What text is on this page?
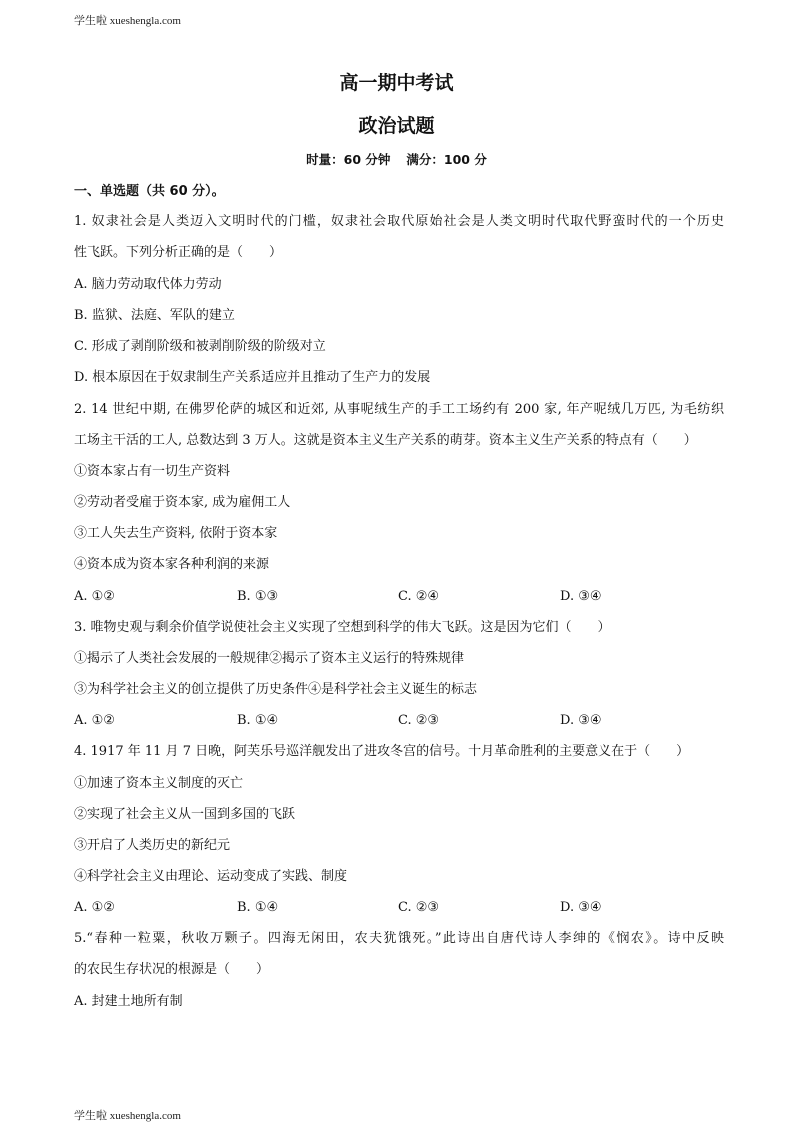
学生啦 xueshengla.com
高一期中考试
政治试题
时量：60 分钟 满分：100 分
一、单选题（共 60 分）。
1. 奴隶社会是人类迈入文明时代的门槛，奴隶社会取代原始社会是人类文明时代取代野蛮时代的一个历史
性飞跃。下列分析正确的是（　　）
A. 脑力劳动取代体力劳动
B. 监狱、法庭、军队的建立
C. 形成了剥削阶级和被剥削阶级的阶级对立
D. 根本原因在于奴隶制生产关系适应并且推动了生产力的发展
2. 14 世纪中期, 在佛罗伦萨的城区和近郊, 从事呢绒生产的手工工场约有 200 家, 年产呢绒几万匹, 为毛纺织
工场主干活的工人, 总数达到 3 万人。这就是资本主义生产关系的萌芽。资本主义生产关系的特点有（　　）
①资本家占有一切生产资料
②劳动者受雇于资本家, 成为雇佣工人
③工人失去生产资料, 依附于资本家
④资本成为资本家各种利润的来源
A. ①②	B. ①③	C. ②④	D. ③④
3. 唯物史观与剩余价值学说使社会主义实现了空想到科学的伟大飞跃。这是因为它们（　　）
①揭示了人类社会发展的一般规律②揭示了资本主义运行的特殊规律
③为科学社会主义的创立提供了历史条件④是科学社会主义诞生的标志
A. ①②	B. ①④	C. ②③	D. ③④
4. 1917 年 11 月 7 日晚，阿芙乐号巡洋舰发出了进攻冬宫的信号。十月革命胜利的主要意义在于（　　）
①加速了资本主义制度的灭亡
②实现了社会主义从一国到多国的飞跃
③开启了人类历史的新纪元
④科学社会主义由理论、运动变成了实践、制度
A. ①②	B. ①④	C. ②③	D. ③④
5.“春种一粒粟，秋收万颗子。四海无闲田，农夫犹饿死。”此诗出自唐代诗人李绅的《悯农》。诗中反映
的农民生存状况的根源是（　　）
A. 封建土地所有制
学生啦 xueshengla.com
